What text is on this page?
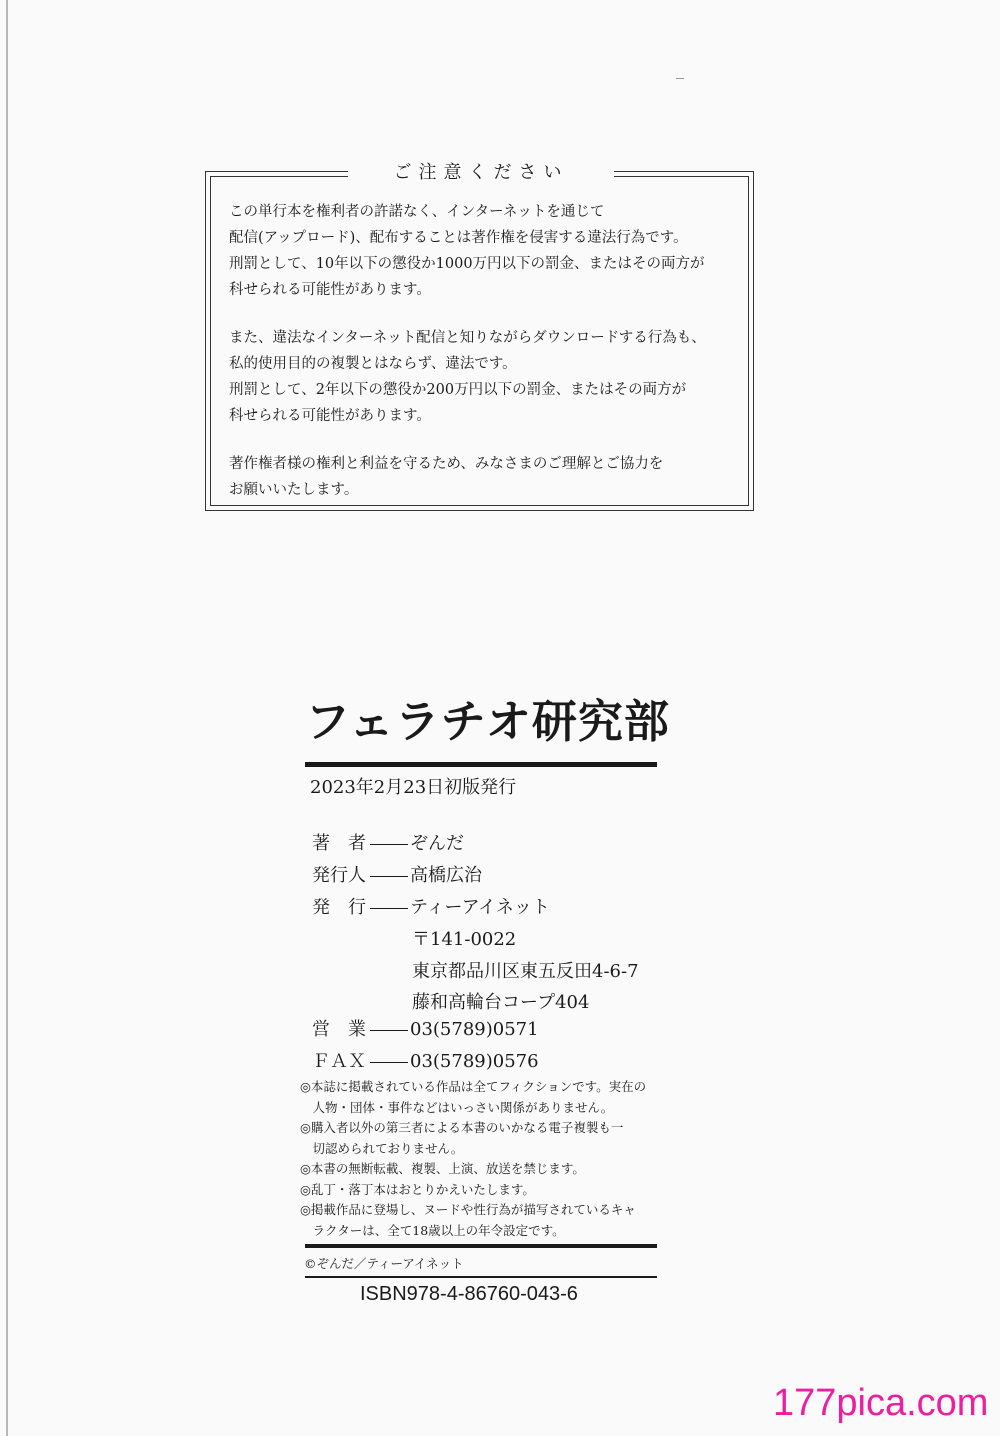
ご注意ください
この単行本を権利者の許諾なく、インターネットを通じて
配信(アップロード)、配布することは著作権を侵害する違法行為です。
刑罰として、10年以下の懲役か1000万円以下の罰金、またはその両方が
科せられる可能性があります。
また、違法なインターネット配信と知りながらダウンロードする行為も、
私的使用目的の複製とはならず、違法です。
刑罰として、2年以下の懲役か200万円以下の罰金、またはその両方が
科せられる可能性があります。
著作権者様の権利と利益を守るため、みなさまのご理解とご協力を
お願いいたします。
フェラチオ研究部
2023年2月23日初版発行
著　者 ぞんだ
発行人 高橋広治
発　行 ティーアイネット
〒141-0022
東京都品川区東五反田4-6-7
藤和高輪台コープ404
営　業 03(5789)0571
ＦＡＸ 03(5789)0576
◎本誌に掲載されている作品は全てフィクションです。実在の
　人物・団体・事件などはいっさい関係がありません。
◎購入者以外の第三者による本書のいかなる電子複製も一
　切認められておりません。
◎本書の無断転載、複製、上演、放送を禁じます。
◎乱丁・落丁本はおとりかえいたします。
◎掲載作品に登場し、ヌードや性行為が描写されているキャ
　ラクターは、全て18歳以上の年令設定です。
©ぞんだ／ティーアイネット
ISBN978-4-86760-043-6
177pica.com
